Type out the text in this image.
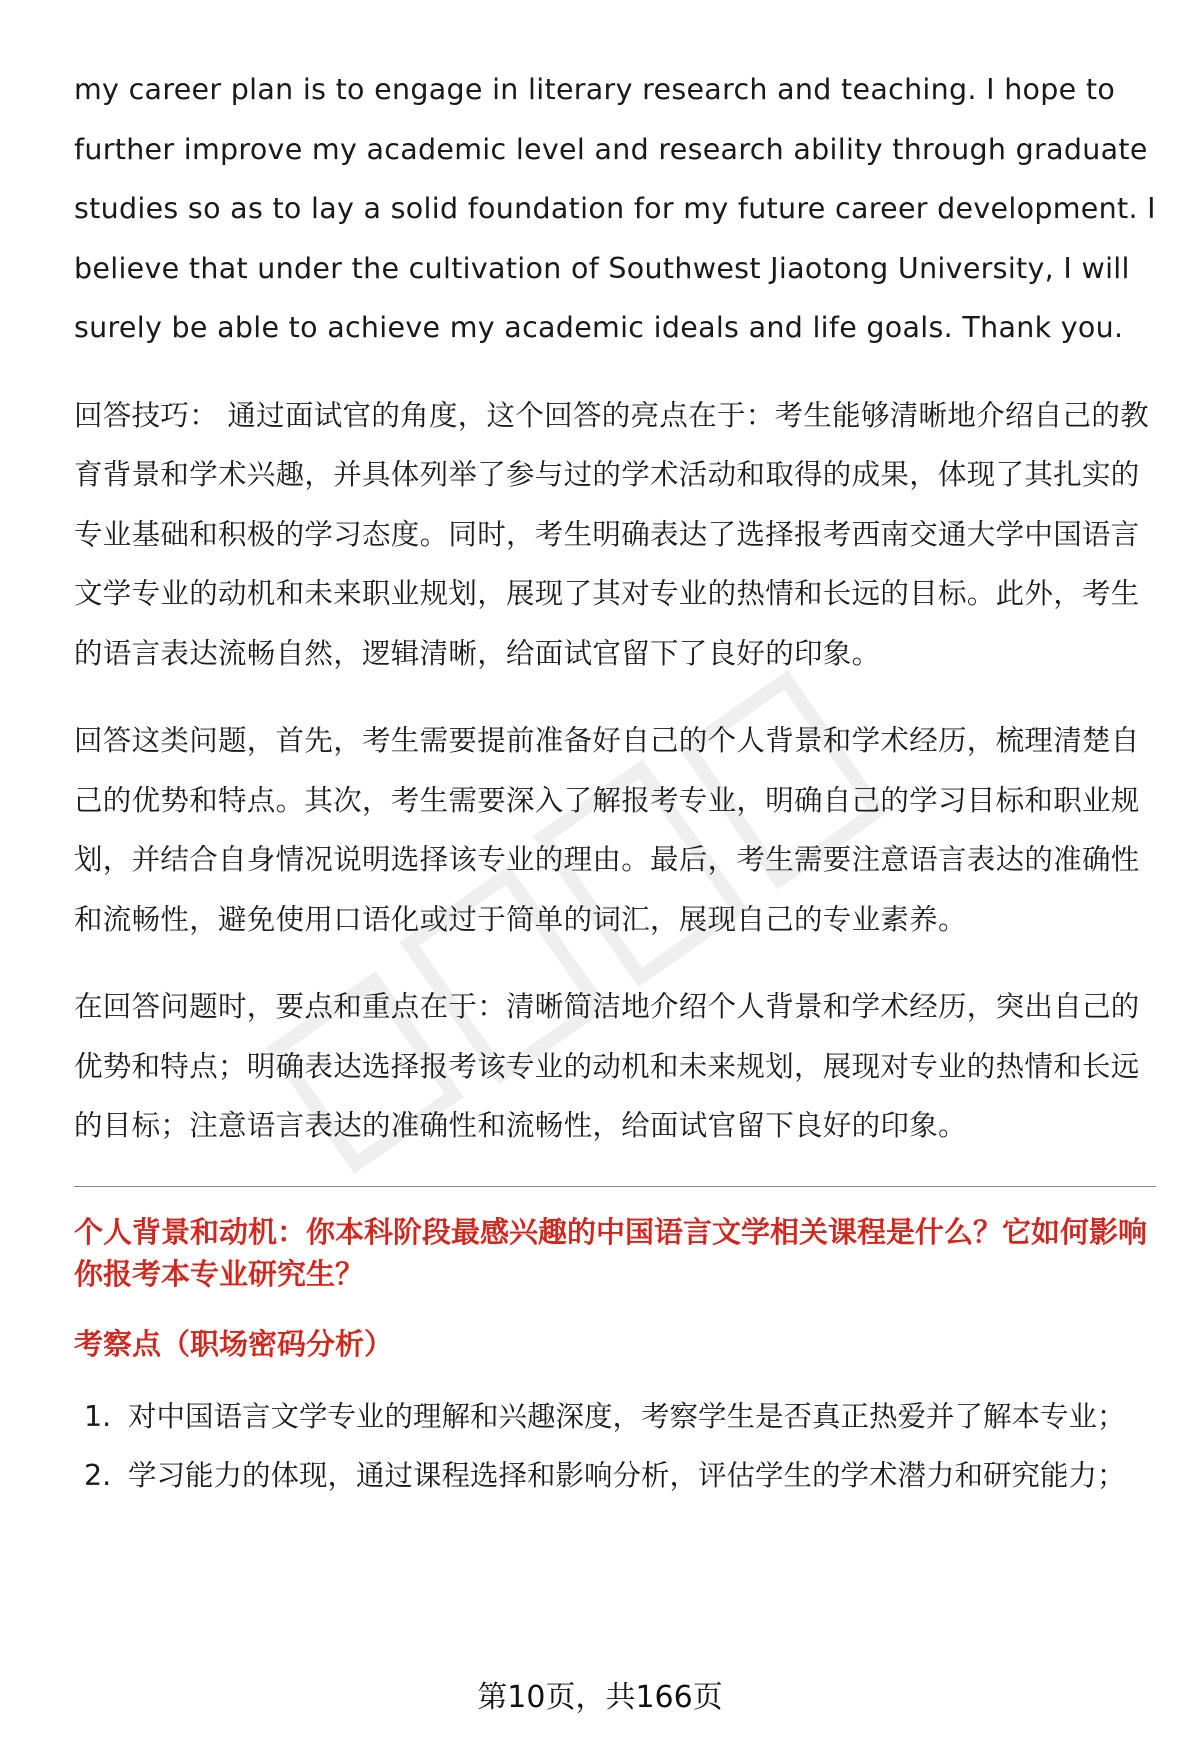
my career plan is to engage in literary research and teaching. I hope to further improve my academic level and research ability through graduate studies so as to lay a solid foundation for my future career development. I believe that under the cultivation of Southwest Jiaotong University, I will surely be able to achieve my academic ideals and life goals. Thank you.

回答技巧： 通过面试官的角度，这个回答的亮点在于：考生能够清晰地介绍自己的教育背景和学术兴趣，并具体列举了参与过的学术活动和取得的成果，体现了其扎实的专业基础和积极的学习态度。同时，考生明确表达了选择报考西南交通大学中国语言文学专业的动机和未来职业规划，展现了其对专业的热情和长远的目标。此外，考生的语言表达流畅自然，逻辑清晰，给面试官留下了良好的印象。

回答这类问题，首先，考生需要提前准备好自己的个人背景和学术经历，梳理清楚自己的优势和特点。其次，考生需要深入了解报考专业，明确自己的学习目标和职业规划，并结合自身情况说明选择该专业的理由。最后，考生需要注意语言表达的准确性和流畅性，避免使用口语化或过于简单的词汇，展现自己的专业素养。

在回答问题时，要点和重点在于：清晰简洁地介绍个人背景和学术经历，突出自己的优势和特点；明确表达选择报考该专业的动机和未来规划，展现对专业的热情和长远的目标；注意语言表达的准确性和流畅性，给面试官留下良好的印象。

个人背景和动机：你本科阶段最感兴趣的中国语言文学相关课程是什么？它如何影响你报考本专业研究生？
考察点（职场密码分析）
1. 对中国语言文学专业的理解和兴趣深度，考察学生是否真正热爱并了解本专业；
2. 学习能力的体现，通过课程选择和影响分析，评估学生的学术潜力和研究能力；
第10页，共166页
